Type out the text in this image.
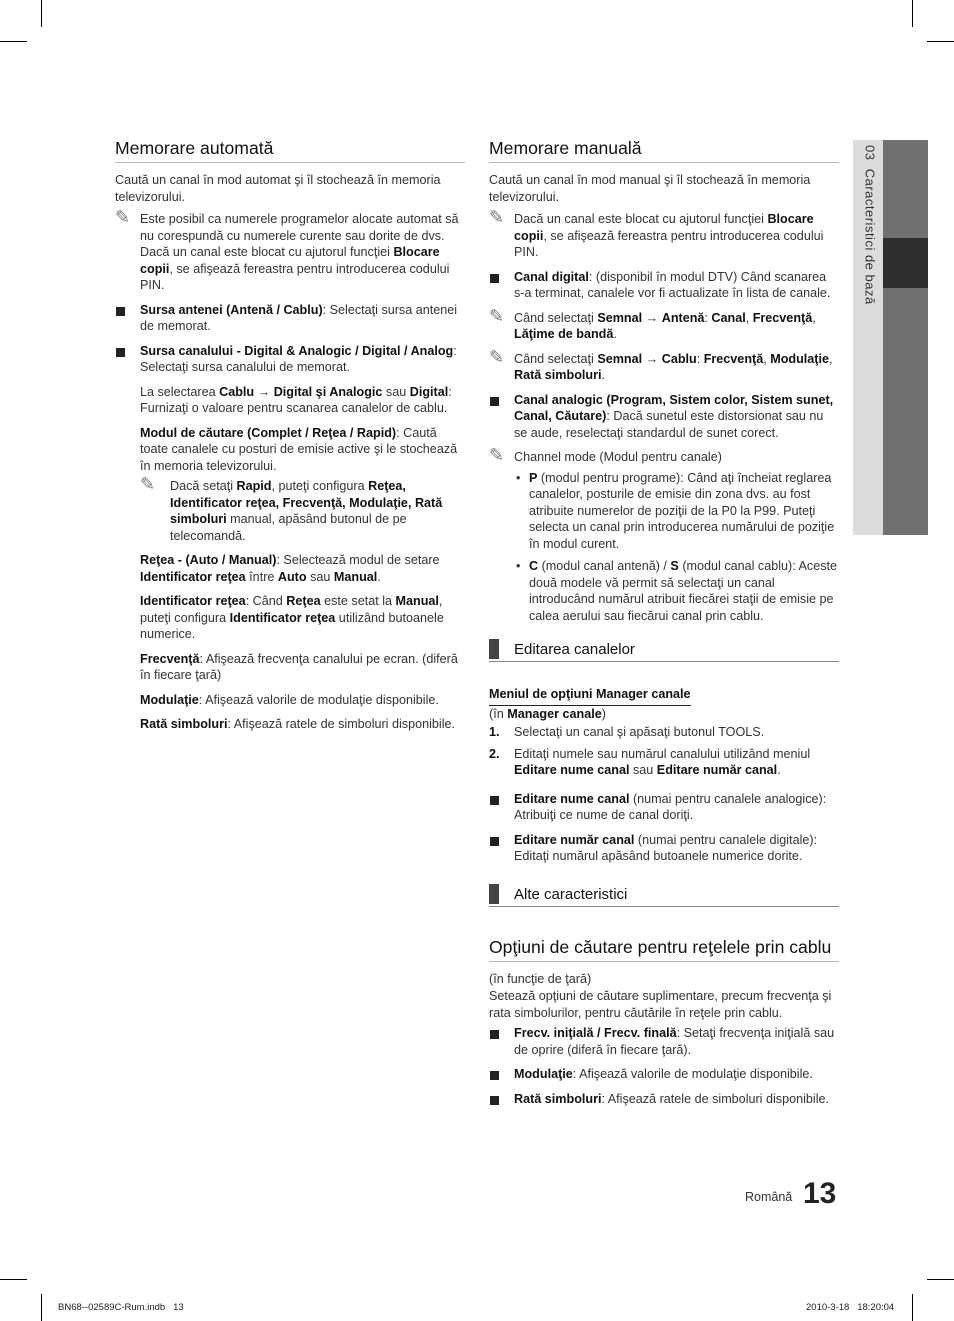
03  Caracteristici de bază
Memorare automată
Caută un canal în mod automat şi îl stochează în memoria televizorului.
✎ Este posibil ca numerele programelor alocate automat să nu corespundă cu numerele curente sau dorite de dvs. Dacă un canal este blocat cu ajutorul funcţiei Blocare copii, se afişează fereastra pentru introducerea codului PIN.
Sursa antenei (Antenă / Cablu): Selectaţi sursa antenei de memorat.
Sursa canalului - Digital & Analogic / Digital / Analog: Selectaţi sursa canalului de memorat.
La selectarea Cablu → Digital şi Analogic sau Digital: Furnizaţi o valoare pentru scanarea canalelor de cablu.
Modul de căutare (Complet / Reţea / Rapid): Caută toate canalele cu posturi de emisie active şi le stochează în memoria televizorului.
✎ Dacă setaţi Rapid, puteţi configura Reţea, Identificator reţea, Frecvenţă, Modulaţie, Rată simboluri manual, apăsând butonul de pe telecomandă.
Reţea - (Auto / Manual): Selectează modul de setare Identificator reţea între Auto sau Manual.
Identificator reţea: Când Reţea este setat la Manual, puteţi configura Identificator reţea utilizând butoanele numerice.
Frecvenţă: Afişează frecvenţa canalului pe ecran. (diferă în fiecare ţară)
Modulaţie: Afişează valorile de modulaţie disponibile.
Rată simboluri: Afişează ratele de simboluri disponibile.
Memorare manuală
Caută un canal în mod manual şi îl stochează în memoria televizorului.
✎ Dacă un canal este blocat cu ajutorul funcţiei Blocare copii, se afişează fereastra pentru introducerea codului PIN.
Canal digital: (disponibil în modul DTV) Când scanarea s-a terminat, canalele vor fi actualizate în lista de canale.
✎ Când selectaţi Semnal → Antenă: Canal, Frecvenţă, Lăţime de bandă.
✎ Când selectaţi Semnal → Cablu: Frecvenţă, Modulaţie, Rată simboluri.
Canal analogic (Program, Sistem color, Sistem sunet, Canal, Căutare): Dacă sunetul este distorsionat sau nu se aude, reselectaţi standardul de sunet corect.
✎ Channel mode (Modul pentru canale)
• P (modul pentru programe): Când aţi încheiat reglarea canalelor, posturile de emisie din zona dvs. au fost atribuite numerelor de poziţii de la P0 la P99. Puteţi selecta un canal prin introducerea numărului de poziţie în modul curent.
• C (modul canal antenă) / S (modul canal cablu): Aceste două modele vă permit să selectaţi un canal introducând numărul atribuit fiecărei staţii de emisie pe calea aerului sau fiecărui canal prin cablu.
Editarea canalelor
Meniul de opţiuni Manager canale
(în Manager canale)
1. Selectaţi un canal şi apăsaţi butonul TOOLS.
2. Editaţi numele sau numărul canalului utilizând meniul Editare nume canal sau Editare număr canal.
Editare nume canal (numai pentru canalele analogice): Atribuiţi ce nume de canal doriţi.
Editare număr canal (numai pentru canalele digitale): Editaţi numărul apăsând butoanele numerice dorite.
Alte caracteristici
Opţiuni de căutare pentru reţelele prin cablu
(în funcţie de ţară)
Setează opţiuni de căutare suplimentare, precum frecvenţa şi rata simbolurilor, pentru căutările în reţele prin cablu.
Frecv. iniţială / Frecv. finală: Setaţi frecvenţa iniţială sau de oprire (diferă în fiecare ţară).
Modulaţie: Afişează valorile de modulaţie disponibile.
Rată simboluri: Afişează ratele de simboluri disponibile.
Română 13
BN68--02589C-Rum.indb   13	2010-3-18   18:20:04
